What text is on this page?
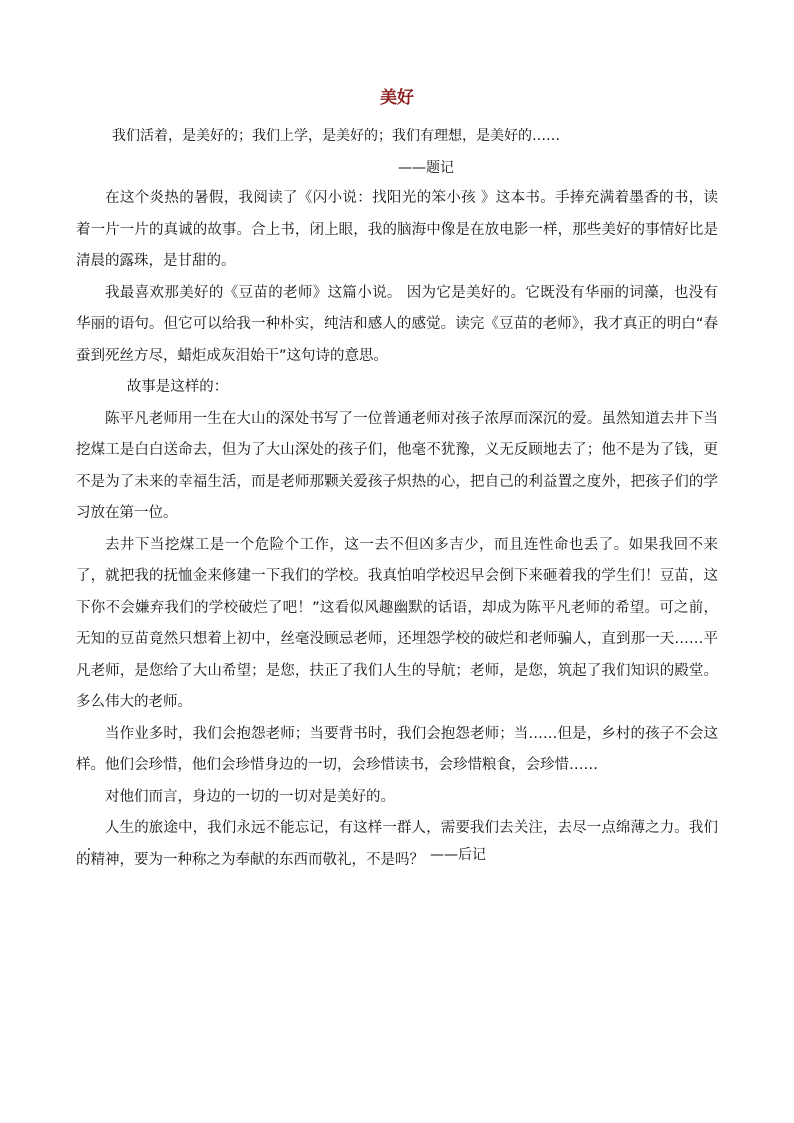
美好
我们活着，是美好的；我们上学，是美好的；我们有理想，是美好的……
——题记

在这个炎热的暑假，我阅读了《闪小说：找阳光的笨小孩 》这本书。手捧充满着墨香的书，读着一片一片的真诚的故事。合上书，闭上眼，我的脑海中像是在放电影一样，那些美好的事情好比是清晨的露珠，是甘甜的。

我最喜欢那美好的《豆苗的老师》这篇小说。 因为它是美好的。它既没有华丽的词藻，也没有华丽的语句。但它可以给我一种朴实，纯洁和感人的感觉。读完《豆苗的老师》，我才真正的明白“春蚕到死丝方尽，蜡炬成灰泪始干”这句诗的意思。

故事是这样的：

陈平凡老师用一生在大山的深处书写了一位普通老师对孩子浓厚而深沉的爱。虽然知道去井下当挖煤工是白白送命去，但为了大山深处的孩子们，他毫不犹豫，义无反顾地去了；他不是为了钱，更不是为了未来的幸福生活，而是老师那颗关爱孩子炽热的心，把自己的利益置之度外，把孩子们的学习放在第一位。

去井下当挖煤工是一个危险个工作，这一去不但凶多吉少，而且连性命也丢了。如果我回不来了，就把我的抚恤金来修建一下我们的学校。我真怕咱学校迟早会倒下来砸着我的学生们！豆苗，这下你不会嫌弃我们的学校破烂了吧！”这看似风趣幽默的话语，却成为陈平凡老师的希望。可之前，无知的豆苗竟然只想着上初中，丝毫没顾忌老师，还埋怨学校的破烂和老师骗人，直到那一天……平凡老师，是您给了大山希望；是您，扶正了我们人生的导航；老师，是您，筑起了我们知识的殿堂。多么伟大的老师。

当作业多时，我们会抱怨老师；当要背书时，我们会抱怨老师；当……但是，乡村的孩子不会这样。他们会珍惜，他们会珍惜身边的一切，会珍惜读书，会珍惜粮食，会珍惜……

对他们而言，身边的一切的一切对是美好的。

人生的旅途中，我们永远不能忘记，有这样一群人，需要我们去关注，去尽一点绵薄之力。我们的精神，要为一种称之为奉献的东西而敬礼，不是吗？ ——后记
